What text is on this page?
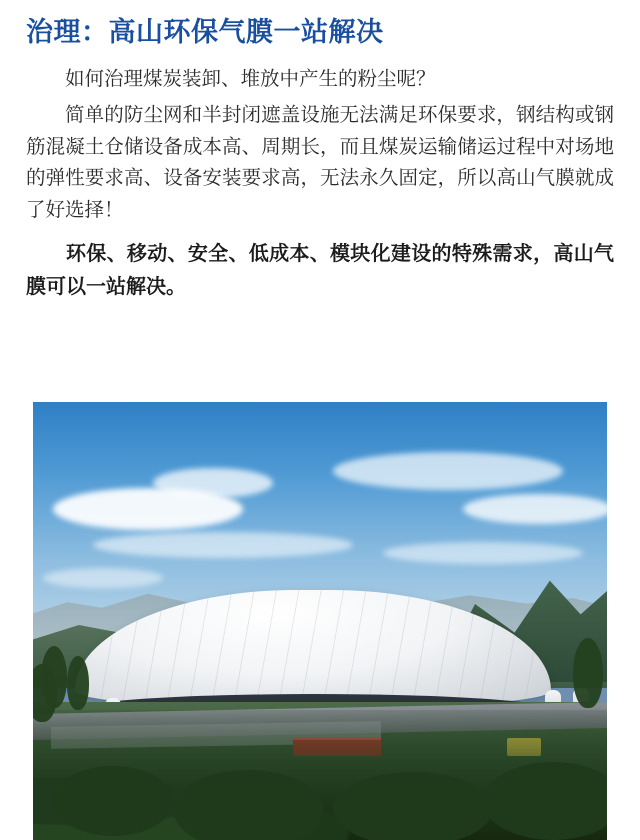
治理：高山环保气膜一站解决

如何治理煤炭装卸、堆放中产生的粉尘呢？

简单的防尘网和半封闭遮盖设施无法满足环保要求，钢结构或钢筋混凝土仓储设备成本高、周期长，而且煤炭运输储运过程中对场地的弹性要求高、设备安装要求高，无法永久固定，所以高山气膜就成了好选择！

环保、移动、安全、低成本、模块化建设的特殊需求，高山气膜可以一站解决。
